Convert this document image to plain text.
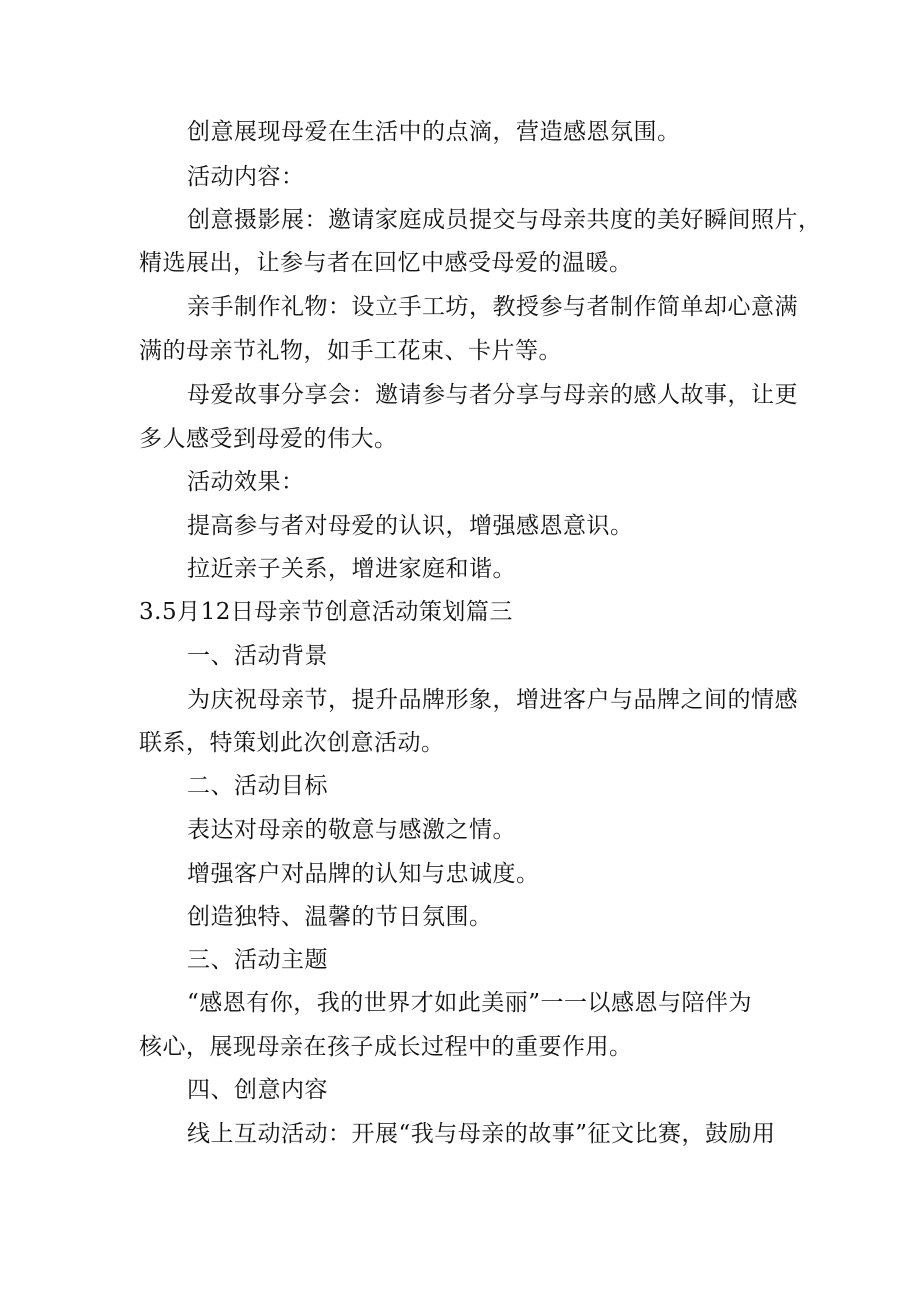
创意展现母爱在生活中的点滴，营造感恩氛围。
活动内容：
创意摄影展：邀请家庭成员提交与母亲共度的美好瞬间照片，
精选展出，让参与者在回忆中感受母爱的温暖。
亲手制作礼物：设立手工坊，教授参与者制作简单却心意满
满的母亲节礼物，如手工花束、卡片等。
母爱故事分享会：邀请参与者分享与母亲的感人故事，让更
多人感受到母爱的伟大。
活动效果：
提高参与者对母爱的认识，增强感恩意识。
拉近亲子关系，增进家庭和谐。
3.5月12日母亲节创意活动策划篇三
一、活动背景
为庆祝母亲节，提升品牌形象，增进客户与品牌之间的情感
联系，特策划此次创意活动。
二、活动目标
表达对母亲的敬意与感激之情。
增强客户对品牌的认知与忠诚度。
创造独特、温馨的节日氛围。
三、活动主题
“感恩有你，我的世界才如此美丽”一一以感恩与陪伴为
核心，展现母亲在孩子成长过程中的重要作用。
四、创意内容
线上互动活动：开展“我与母亲的故事”征文比赛，鼓励用
